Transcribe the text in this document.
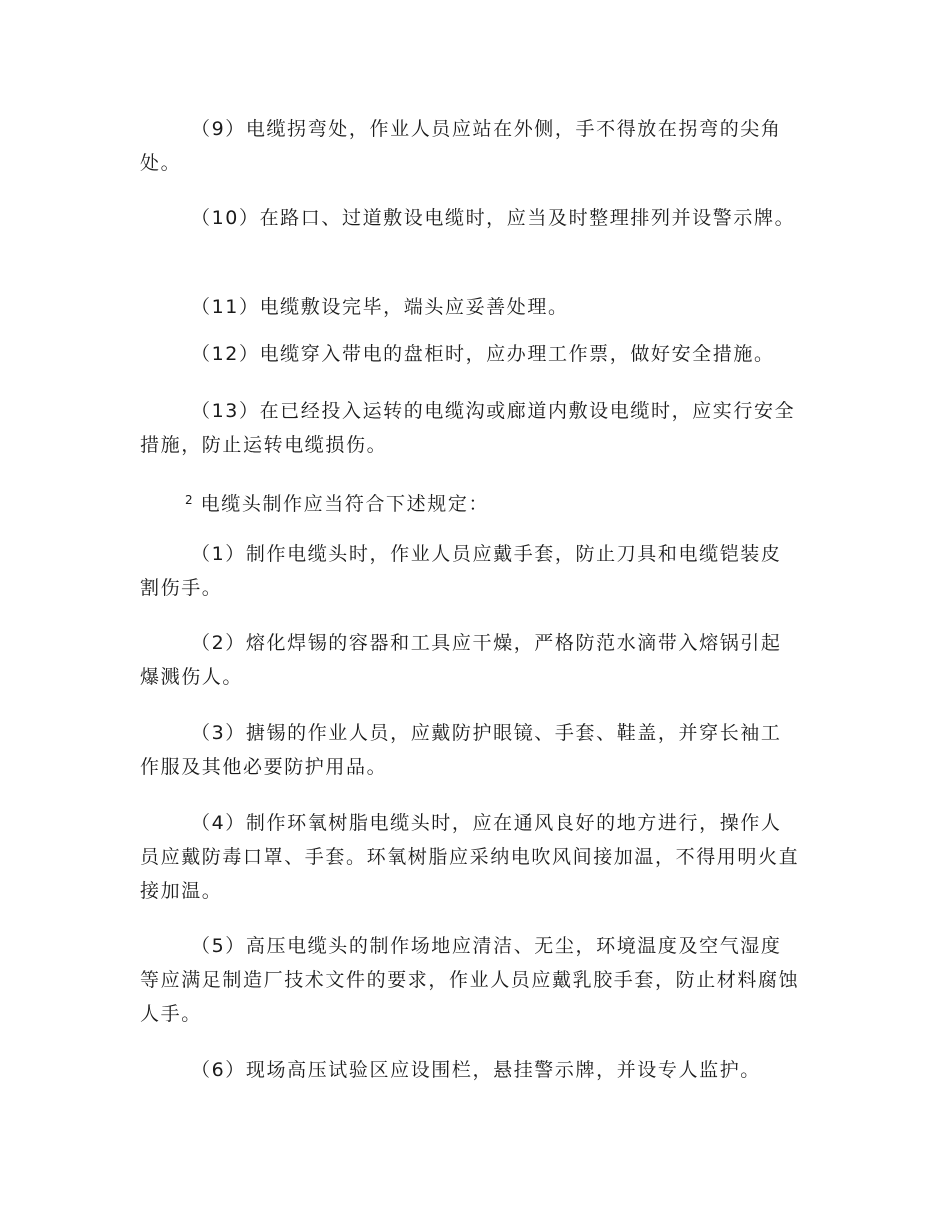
（9）电缆拐弯处，作业人员应站在外侧，手不得放在拐弯的尖角处。

（10）在路口、过道敷设电缆时，应当及时整理排列并设警示牌。

（11）电缆敷设完毕，端头应妥善处理。

（12）电缆穿入带电的盘柜时，应办理工作票，做好安全措施。

（13）在已经投入运转的电缆沟或廊道内敷设电缆时，应实行安全措施，防止运转电缆损伤。

$^2$ 电缆头制作应当符合下述规定：

（1）制作电缆头时，作业人员应戴手套，防止刀具和电缆铠装皮割伤手。

（2）熔化焊锡的容器和工具应干燥，严格防范水滴带入熔锅引起爆溅伤人。

（3）搪锡的作业人员，应戴防护眼镜、手套、鞋盖，并穿长袖工作服及其他必要防护用品。

（4）制作环氧树脂电缆头时，应在通风良好的地方进行，操作人员应戴防毒口罩、手套。环氧树脂应采纳电吹风间接加温，不得用明火直接加温。

（5）高压电缆头的制作场地应清洁、无尘，环境温度及空气湿度等应满足制造厂技术文件的要求，作业人员应戴乳胶手套，防止材料腐蚀人手。

（6）现场高压试验区应设围栏，悬挂警示牌，并设专人监护。
